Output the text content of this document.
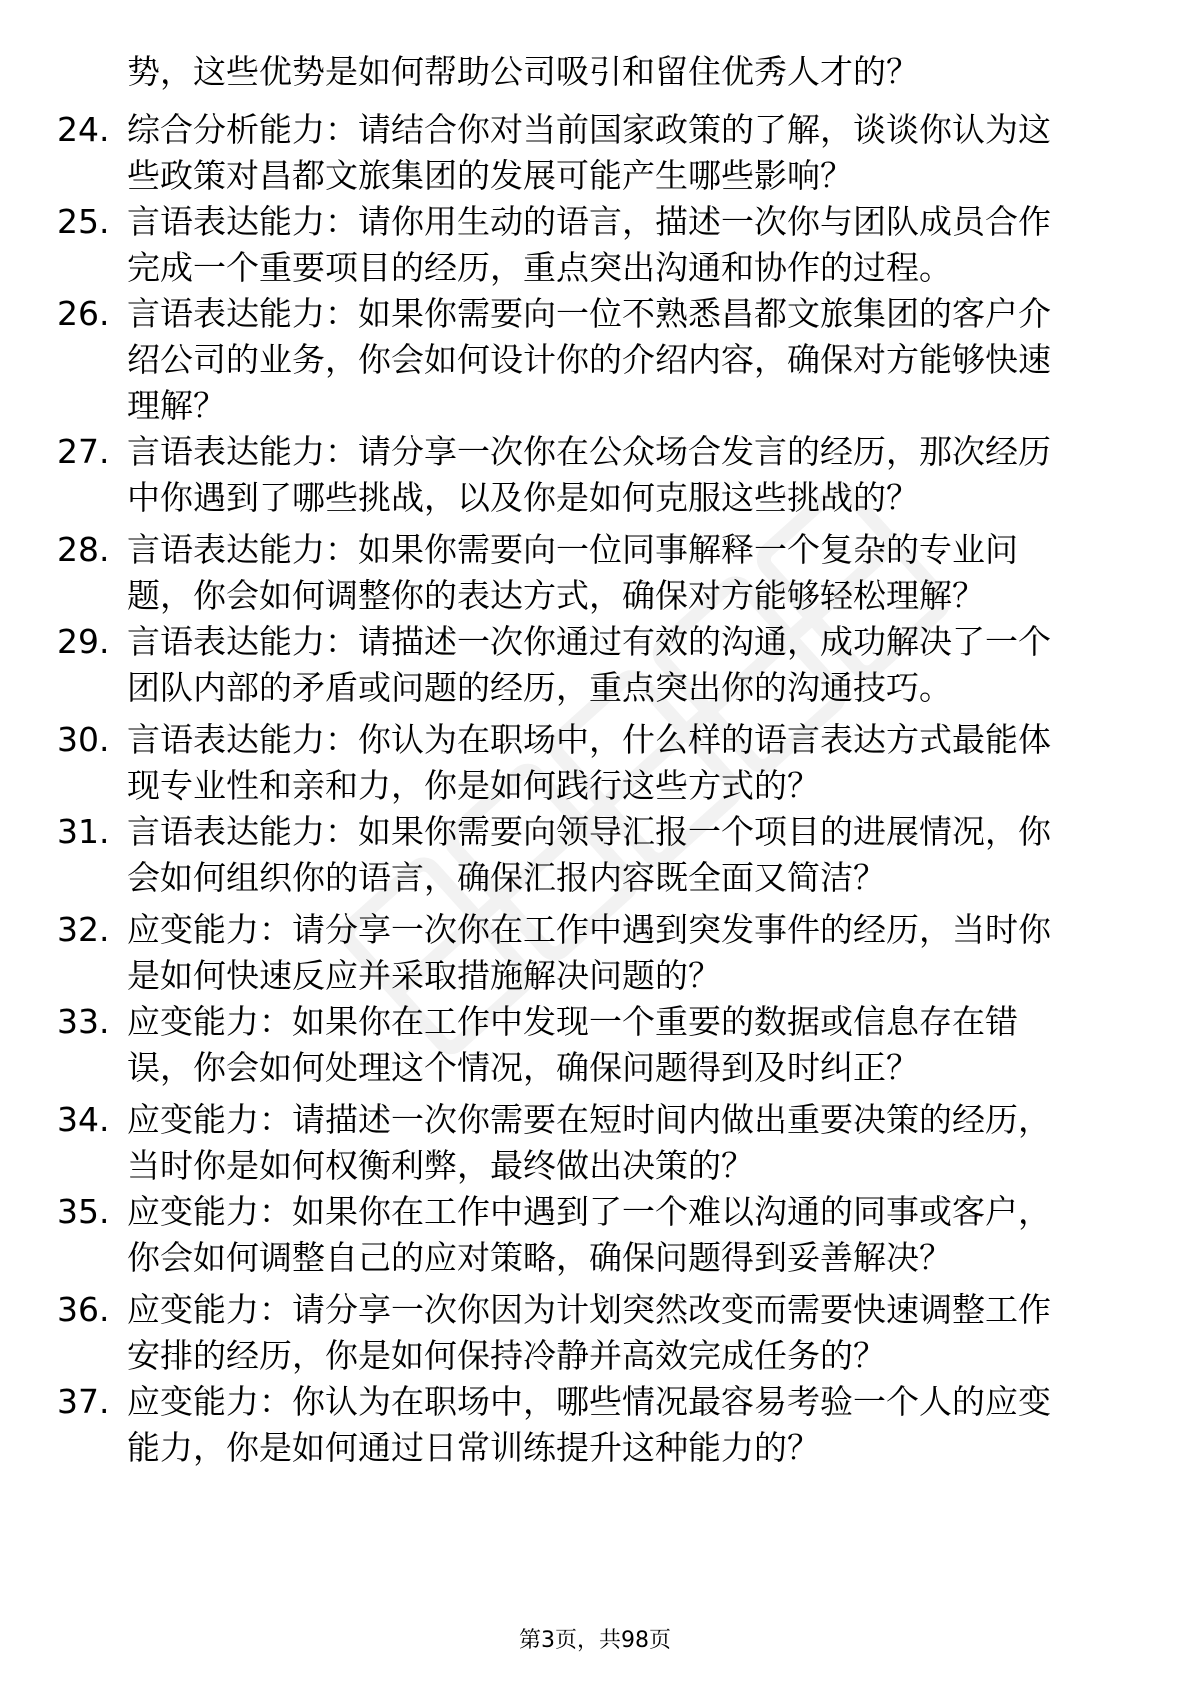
势，这些优势是如何帮助公司吸引和留住优秀人才的？
24. 综合分析能力：请结合你对当前国家政策的了解，谈谈你认为这
些政策对昌都文旅集团的发展可能产生哪些影响？
25. 言语表达能力：请你用生动的语言，描述一次你与团队成员合作
完成一个重要项目的经历，重点突出沟通和协作的过程。
26. 言语表达能力：如果你需要向一位不熟悉昌都文旅集团的客户介
绍公司的业务，你会如何设计你的介绍内容，确保对方能够快速
理解？
27. 言语表达能力：请分享一次你在公众场合发言的经历，那次经历
中你遇到了哪些挑战，以及你是如何克服这些挑战的？
28. 言语表达能力：如果你需要向一位同事解释一个复杂的专业问
题，你会如何调整你的表达方式，确保对方能够轻松理解？
29. 言语表达能力：请描述一次你通过有效的沟通，成功解决了一个
团队内部的矛盾或问题的经历，重点突出你的沟通技巧。
30. 言语表达能力：你认为在职场中，什么样的语言表达方式最能体
现专业性和亲和力，你是如何践行这些方式的？
31. 言语表达能力：如果你需要向领导汇报一个项目的进展情况，你
会如何组织你的语言，确保汇报内容既全面又简洁？
32. 应变能力：请分享一次你在工作中遇到突发事件的经历，当时你
是如何快速反应并采取措施解决问题的？
33. 应变能力：如果你在工作中发现一个重要的数据或信息存在错
误，你会如何处理这个情况，确保问题得到及时纠正？
34. 应变能力：请描述一次你需要在短时间内做出重要决策的经历，
当时你是如何权衡利弊，最终做出决策的？
35. 应变能力：如果你在工作中遇到了一个难以沟通的同事或客户，
你会如何调整自己的应对策略，确保问题得到妥善解决？
36. 应变能力：请分享一次你因为计划突然改变而需要快速调整工作
安排的经历，你是如何保持冷静并高效完成任务的？
37. 应变能力：你认为在职场中，哪些情况最容易考验一个人的应变
能力，你是如何通过日常训练提升这种能力的？
第3页，共98页
